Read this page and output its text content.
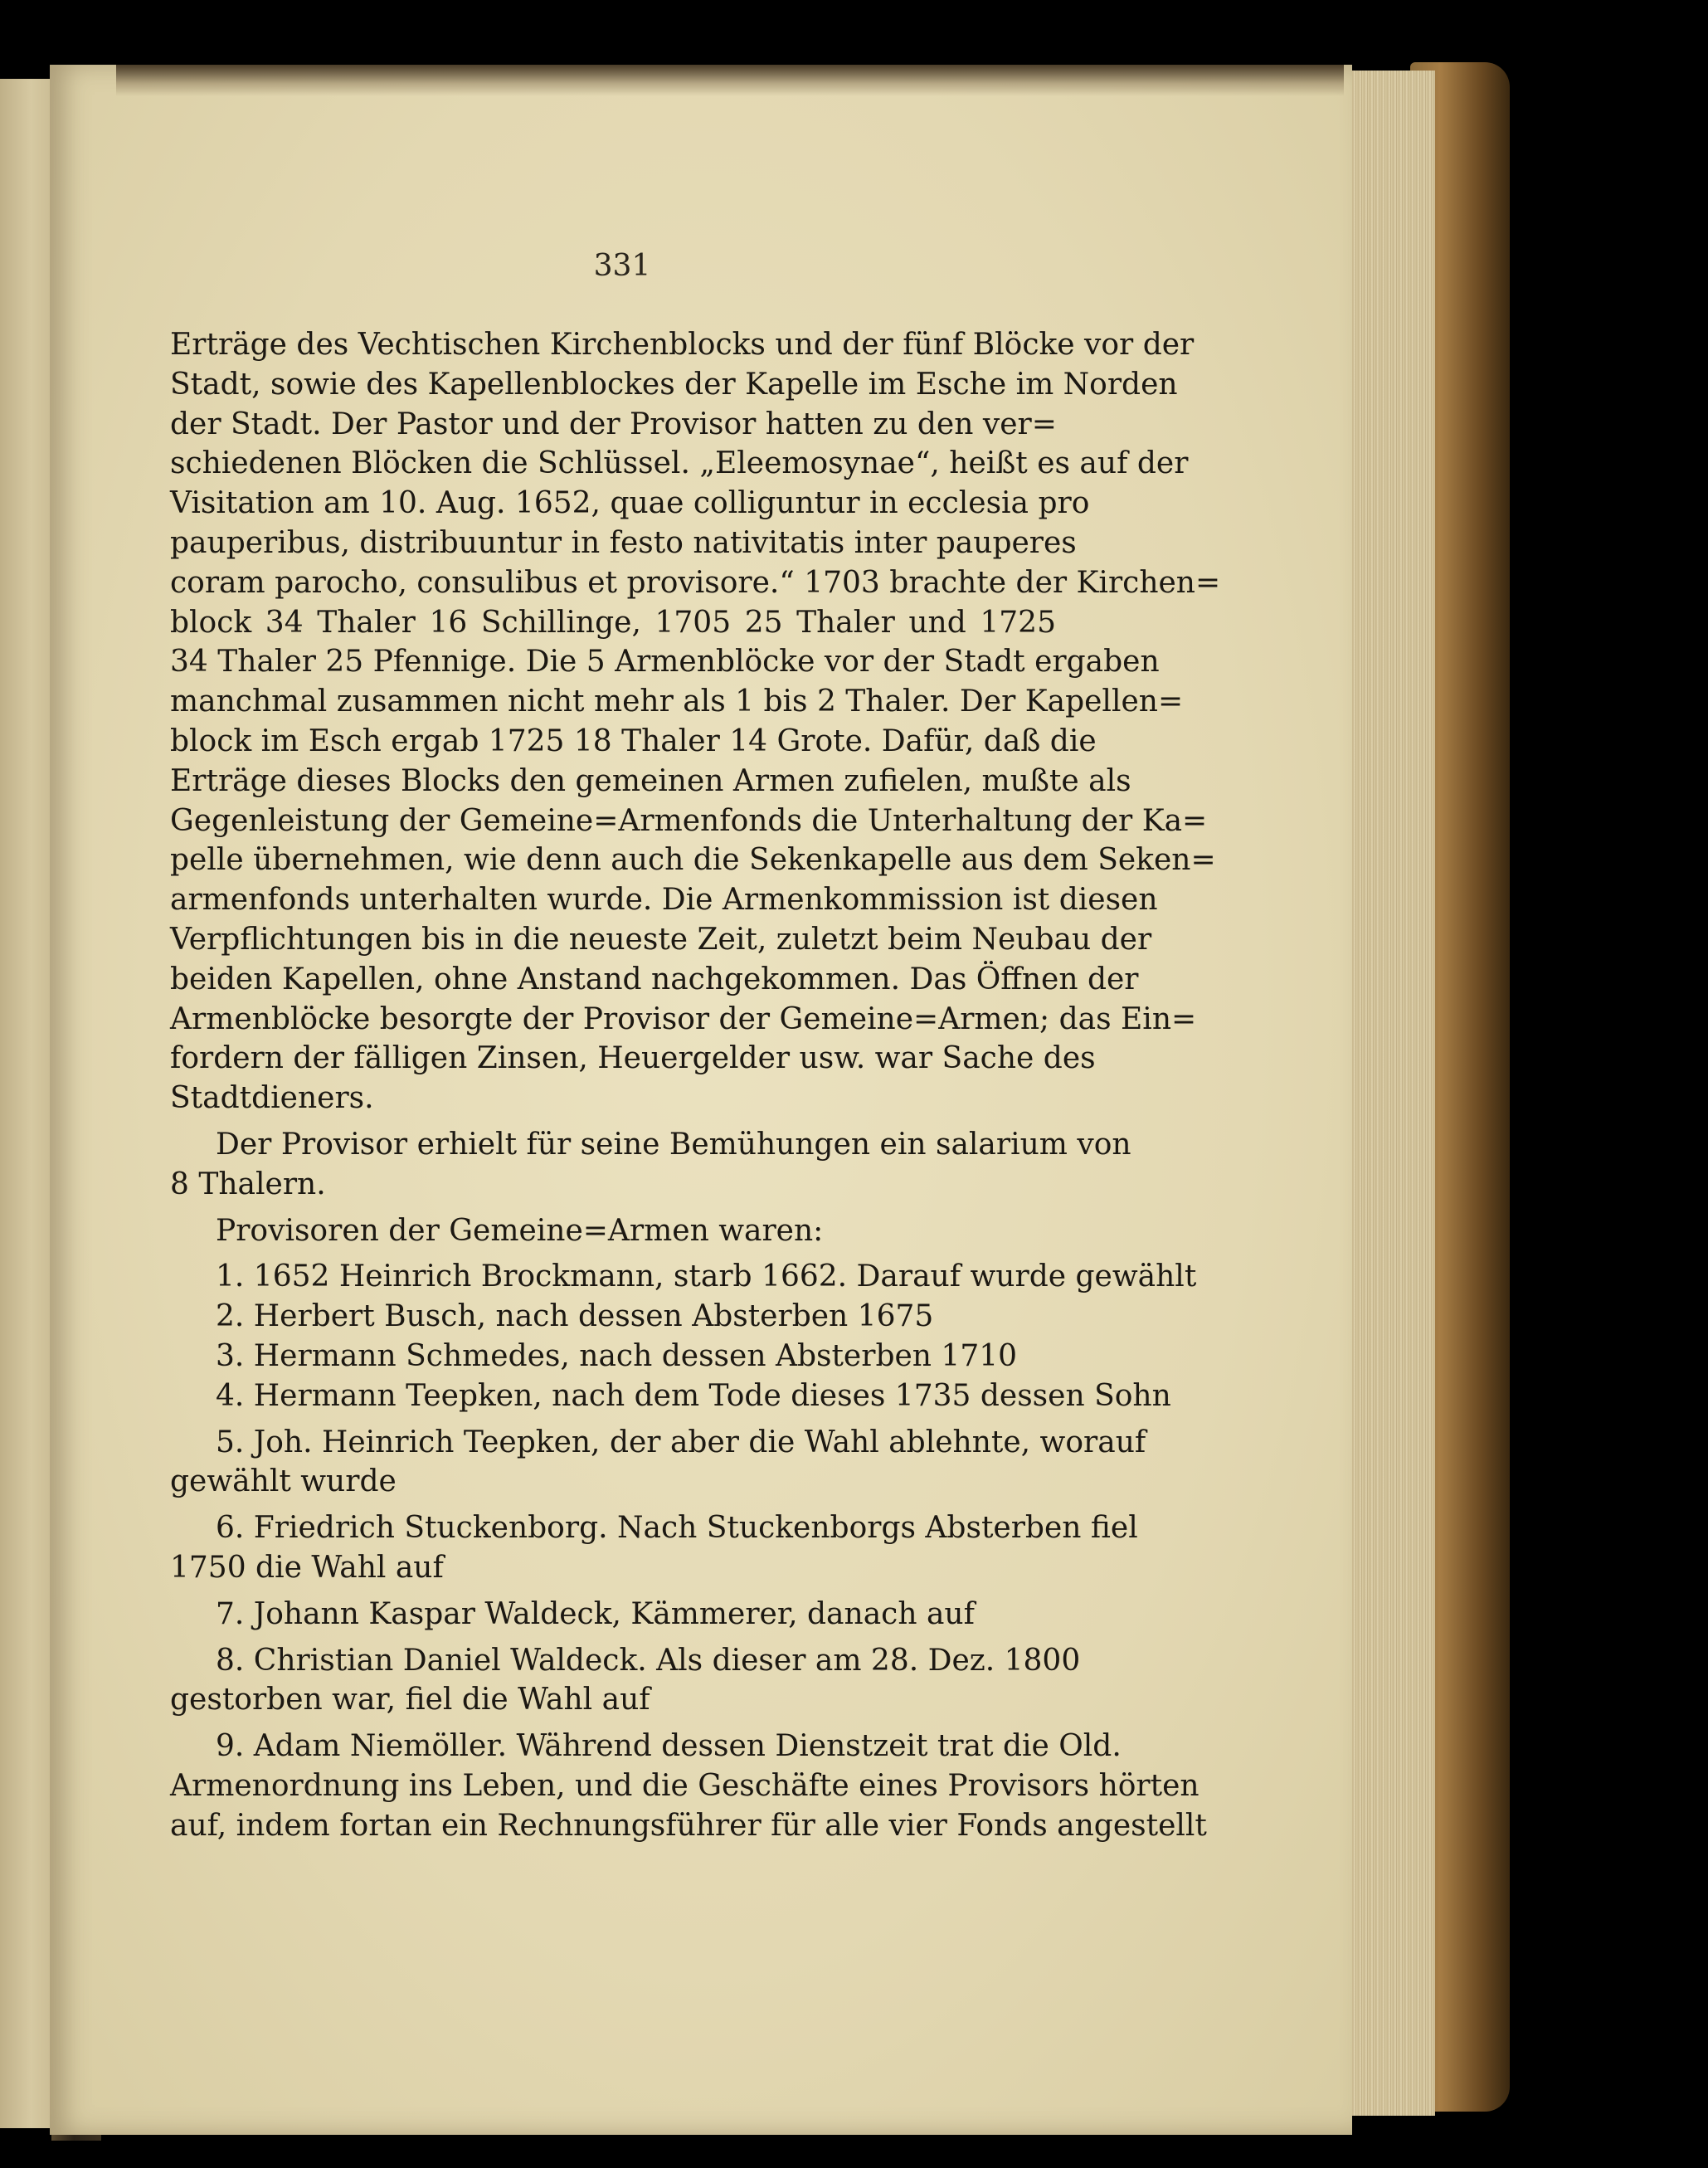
331
Erträge des Vechtischen Kirchenblocks und der fünf Blöcke vor der
Stadt, sowie des Kapellenblockes der Kapelle im Esche im Norden
der Stadt. Der Pastor und der Provisor hatten zu den ver=
schiedenen Blöcken die Schlüssel. „Eleemosynae“, heißt es auf der
Visitation am 10. Aug. 1652, quae colliguntur in ecclesia pro
pauperibus, distribuuntur in festo nativitatis inter pauperes
coram parocho, consulibus et provisore.“ 1703 brachte der Kirchen=
block 34 Thaler 16 Schillinge, 1705 25 Thaler und 1725
34 Thaler 25 Pfennige. Die 5 Armenblöcke vor der Stadt ergaben
manchmal zusammen nicht mehr als 1 bis 2 Thaler. Der Kapellen=
block im Esch ergab 1725 18 Thaler 14 Grote. Dafür, daß die
Erträge dieses Blocks den gemeinen Armen zufielen, mußte als
Gegenleistung der Gemeine=Armenfonds die Unterhaltung der Ka=
pelle übernehmen, wie denn auch die Sekenkapelle aus dem Seken=
armenfonds unterhalten wurde. Die Armenkommission ist diesen
Verpflichtungen bis in die neueste Zeit, zuletzt beim Neubau der
beiden Kapellen, ohne Anstand nachgekommen. Das Öffnen der
Armenblöcke besorgte der Provisor der Gemeine=Armen; das Ein=
fordern der fälligen Zinsen, Heuergelder usw. war Sache des
Stadtdieners.
Der Provisor erhielt für seine Bemühungen ein salarium von
8 Thalern.
Provisoren der Gemeine=Armen waren:
1. 1652 Heinrich Brockmann, starb 1662. Darauf wurde gewählt
2. Herbert Busch, nach dessen Absterben 1675
3. Hermann Schmedes, nach dessen Absterben 1710
4. Hermann Teepken, nach dem Tode dieses 1735 dessen Sohn
5. Joh. Heinrich Teepken, der aber die Wahl ablehnte, worauf
gewählt wurde
6. Friedrich Stuckenborg. Nach Stuckenborgs Absterben fiel
1750 die Wahl auf
7. Johann Kaspar Waldeck, Kämmerer, danach auf
8. Christian Daniel Waldeck. Als dieser am 28. Dez. 1800
gestorben war, fiel die Wahl auf
9. Adam Niemöller. Während dessen Dienstzeit trat die Old.
Armenordnung ins Leben, und die Geschäfte eines Provisors hörten
auf, indem fortan ein Rechnungsführer für alle vier Fonds angestellt
